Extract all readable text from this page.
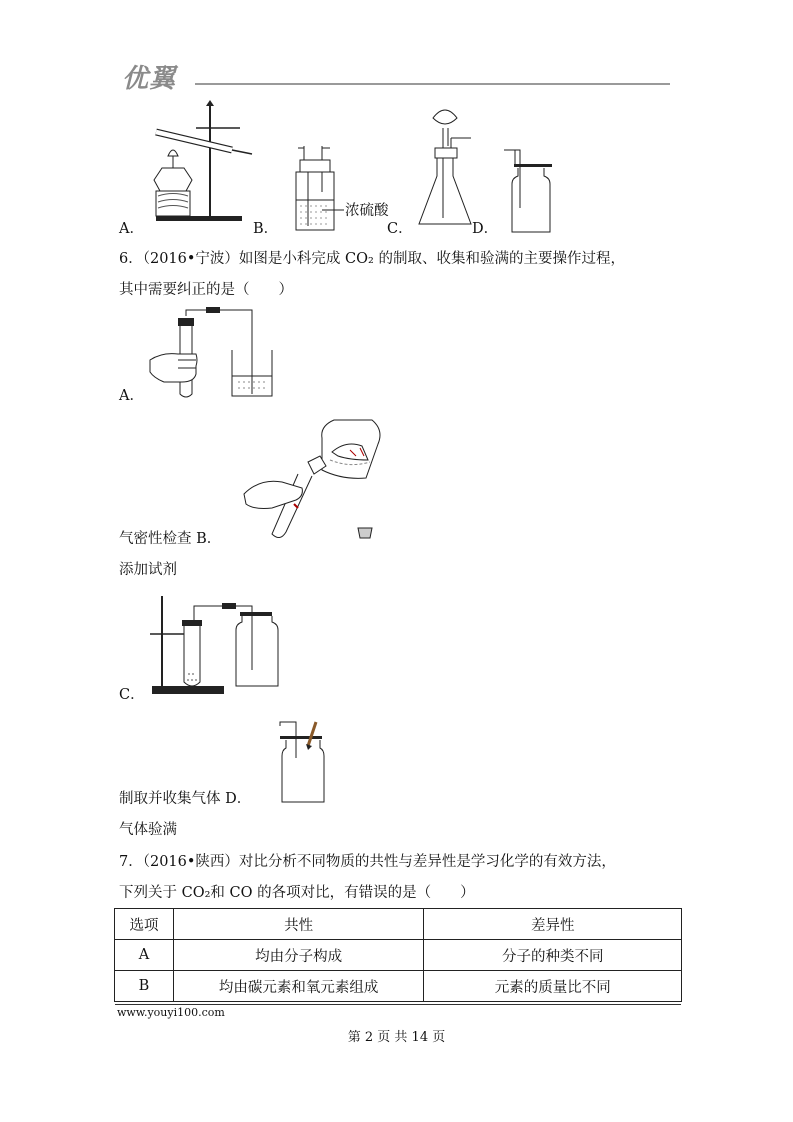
优翼
A．	B．
浓硫酸
C．	D．
6．（2016•宁波）如图是小科完成 CO₂ 的制取、收集和验满的主要操作过程，
其中需要纠正的是（　　）
A．
气密性检查 B．
添加试剂
C．
制取并收集气体 D．
气体验满
7．（2016•陕西）对比分析不同物质的共性与差异性是学习化学的有效方法，
下列关于 CO₂和 CO 的各项对比，有错误的是（　　）
选项	共性	差异性
A	均由分子构成	分子的种类不同
B	均由碳元素和氧元素组成	元素的质量比不同
www.youyi100.com
第 2 页 共 14 页
